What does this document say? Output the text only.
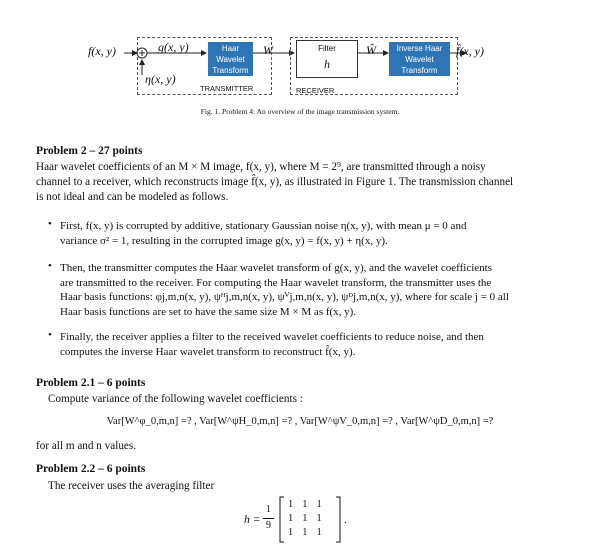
f(x, y)	g(x, y)
η(x, y)
Haar Wavelet Transform
W
TRANSMITTER
Filter
h
Ŵ	Inverse Haar Wavelet Transform
RECEIVER
f̂(x, y)
Fig. 1. Problem 4: An overview of the image transmission system.
Problem 2 – 27 points
Haar wavelet coefficients of an M × M image, f(x, y), where M = 2⁹, are transmitted through a noisy
channel to a receiver, which reconstructs image f̂(x, y), as illustrated in Figure 1. The transmission channel
is not ideal and can be modeled as follows.
• First, f(x, y) is corrupted by additive, stationary Gaussian noise η(x, y), with mean μ = 0 and
variance σ² = 1, resulting in the corrupted image g(x, y) = f(x, y) + η(x, y).
• Then, the transmitter computes the Haar wavelet transform of g(x, y), and the wavelet coefficients
are transmitted to the receiver. For computing the Haar wavelet transform, the transmitter uses the
Haar basis functions: φj,m,n(x, y), ψᴴj,m,n(x, y), ψⱽj,m,n(x, y), ψᴰj,m,n(x, y), where for scale j = 0 all
Haar basis functions are set to have the same size M × M as f(x, y).
• Finally, the receiver applies a filter to the received wavelet coefficients to reduce noise, and then
computes the inverse Haar wavelet transform to reconstruct f̂(x, y).
Problem 2.1 – 6 points
Compute variance of the following wavelet coefficients :
Var[W^φ_0,m,n] =? , Var[W^ψH_0,m,n] =? , Var[W^ψV_0,m,n] =? , Var[W^ψD_0,m,n] =?
for all m and n values.
Problem 2.2 – 6 points
The receiver uses the averaging filter
h =
1
9
1 1 1
1 1 1
1 1 1
.
